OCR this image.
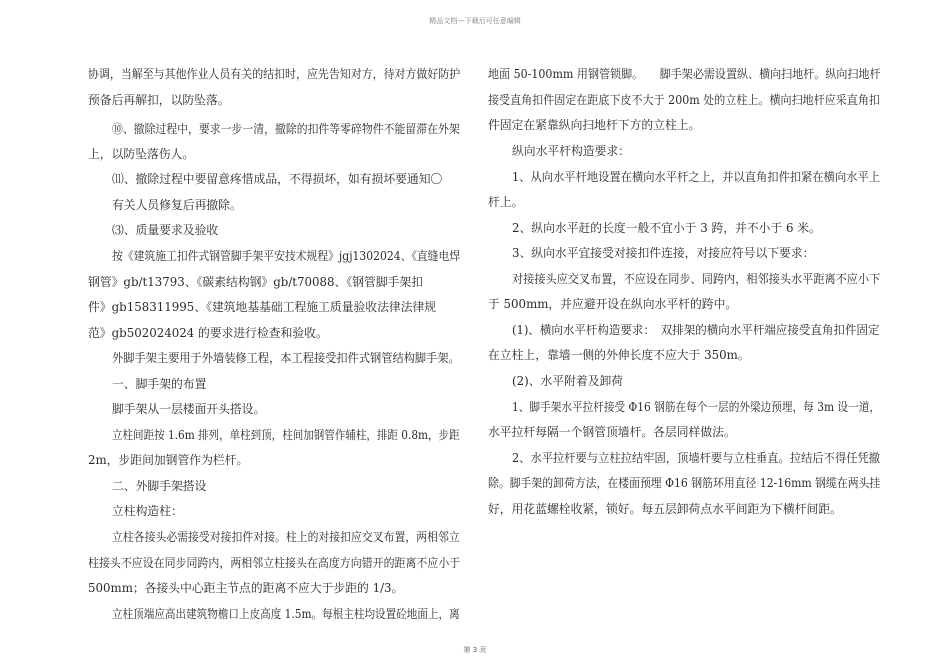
精品文档---下载后可任意编辑
协调，当解至与其他作业人员有关的结扣时，应先告知对方，待对方做好防护
预备后再解扣，以防坠落。
⑩、撤除过程中，要求一步一清，撤除的扣件等零碎物件不能留滞在外架
上，以防坠落伤人。
⑾、撤除过程中要留意疼惜成品，不得损坏，如有损坏要通知〇
有关人员修复后再撤除。
⑶、质量要求及验收
按《建筑施工扣件式钢管脚手架平安技术规程》jgj1302024、《直缝电焊
钢管》gb/t13793、《碳素结构钢》gb/t70088、《钢管脚手架扣
件》gb158311995、《建筑地基基础工程施工质量验收法律法律规
范》gb502024024 的要求进行检查和验收。
外脚手架主要用于外墙装修工程，本工程接受扣件式钢管结构脚手架。
一、脚手架的布置
脚手架从一层楼面开头搭设。
立柱间距按 1.6m 排列，单柱到顶，柱间加钢管作辅柱，排距 0.8m，步距
2m，步距间加钢管作为栏杆。
二、外脚手架搭设
立柱构造柱：
立柱各接头必需接受对接扣件对接。柱上的对接扣应交叉布置，两相邻立
柱接头不应设在同步同跨内，两相邻立柱接头在高度方向错开的距离不应小于
500mm；各接头中心距主节点的距离不应大于步距的 1/3。
立柱顶端应高出建筑物檐口上皮高度 1.5m。每根主柱均设置砼地面上，离
地面 50-100mm 用钢管锁脚。　　脚手架必需设置纵、横向扫地杆。纵向扫地杆
接受直角扣件固定在距底下皮不大于 200m 处的立柱上。横向扫地杆应采直角扣
件固定在紧靠纵向扫地杆下方的立柱上。
纵向水平杆构造要求：
1、从向水平杆地设置在横向水平杆之上，并以直角扣件扣紧在横向水平上
杆上。
2、纵向水平赶的长度一般不宜小于 3 跨，并不小于 6 米。
3、纵向水平宜接受对接扣件连接，对接应符号以下要求：
对接接头应交叉布置，不应设在同步、同跨内，相邻接头水平距离不应小下
于 500mm，并应避开设在纵向水平杆的跨中。
(1)、横向水平杆构造要求：　双排架的横向水平杆端应接受直角扣件固定
在立柱上，靠墙一侧的外伸长度不应大于 350m。
(2)、水平附着及卸荷
1、脚手架水平拉杆接受 Φ16 钢筋在每个一层的外梁边预埋，每 3m 设一道，
水平拉杆每隔一个钢管顶墙杆。各层同样做法。
2、水平拉杆要与立柱拉结牢固，顶墙杆要与立柱垂直。拉结后不得任凭撤
除。脚手架的卸荷方法，在楼面预埋 Φ16 钢筋环用直径 12-16mm 钢缆在两头挂
好，用花蓝螺栓收紧，锁好。每五层卸荷点水平间距为下横杆间距。
第 3 页
